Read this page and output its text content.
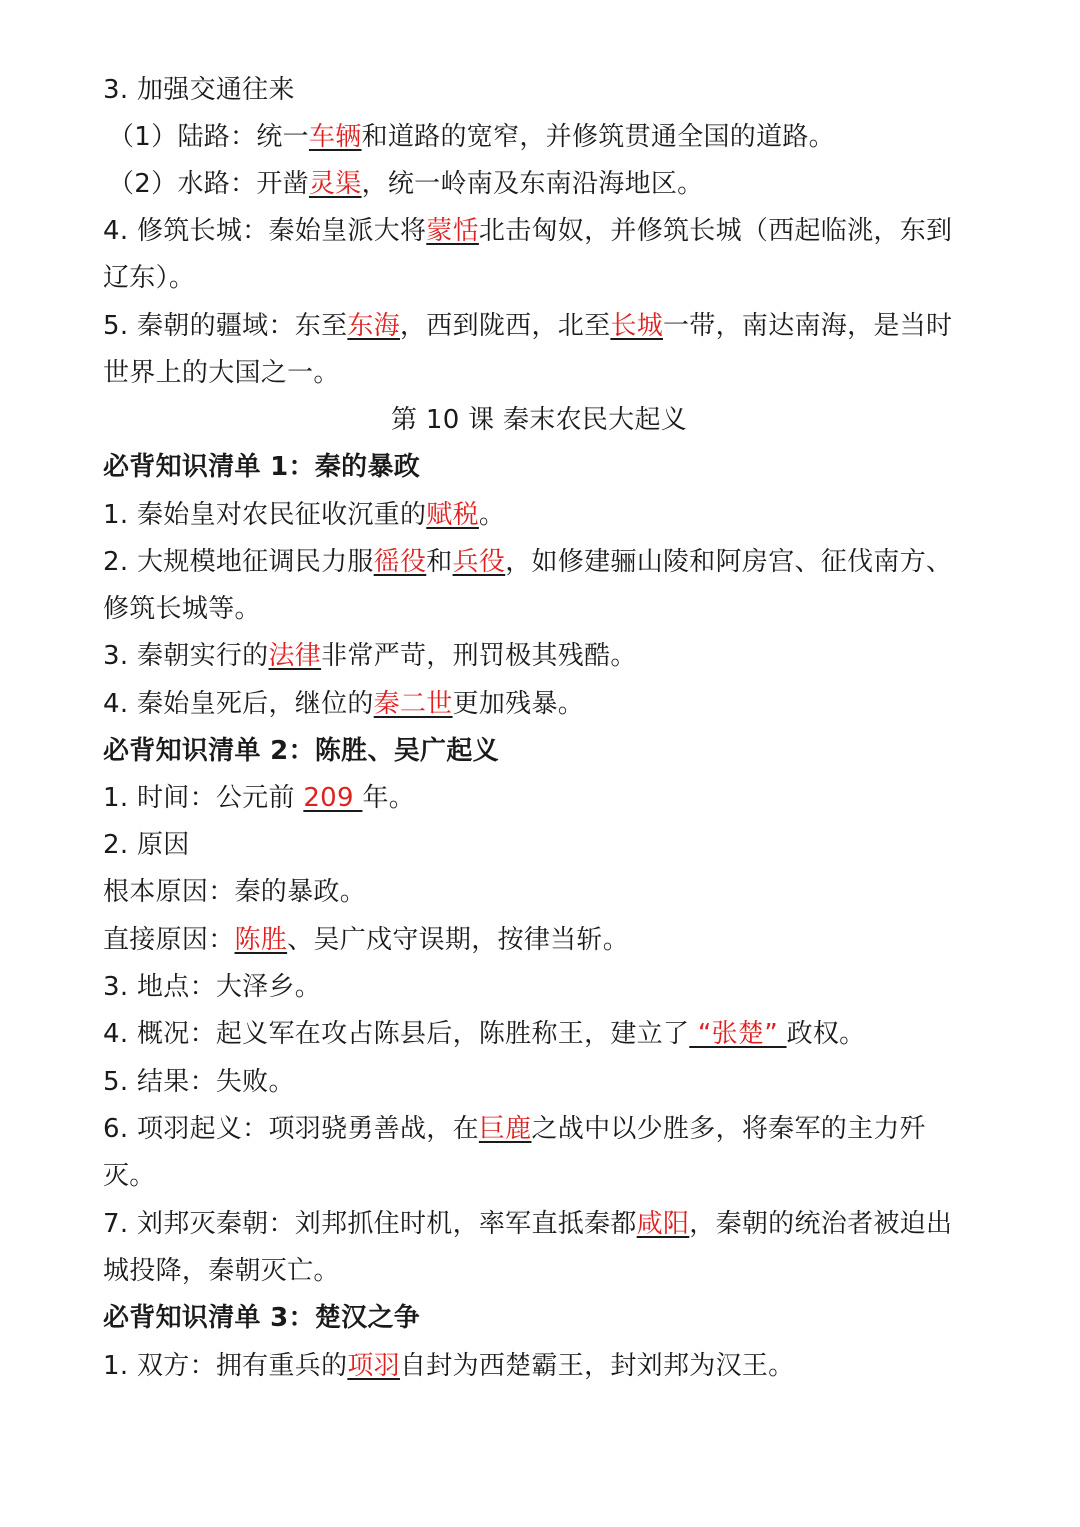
3. 加强交通往来
（1）陆路：统一车辆和道路的宽窄，并修筑贯通全国的道路。
（2）水路：开凿灵渠，统一岭南及东南沿海地区。
4. 修筑长城：秦始皇派大将蒙恬北击匈奴，并修筑长城（西起临洮，东到
辽东）。
5. 秦朝的疆域：东至东海，西到陇西，北至长城一带，南达南海，是当时
世界上的大国之一。
第 10 课 秦末农民大起义
必背知识清单 1：秦的暴政
1. 秦始皇对农民征收沉重的赋税。
2. 大规模地征调民力服徭役和兵役，如修建骊山陵和阿房宫、征伐南方、
修筑长城等。
3. 秦朝实行的法律非常严苛，刑罚极其残酷。
4. 秦始皇死后，继位的秦二世更加残暴。
必背知识清单 2：陈胜、吴广起义
1. 时间：公元前 209 年。
2. 原因
根本原因：秦的暴政。
直接原因：陈胜、吴广戍守误期，按律当斩。
3. 地点：大泽乡。
4. 概况：起义军在攻占陈县后，陈胜称王，建立了 “张楚” 政权。
5. 结果：失败。
6. 项羽起义：项羽骁勇善战，在巨鹿之战中以少胜多，将秦军的主力歼
灭。
7. 刘邦灭秦朝：刘邦抓住时机，率军直抵秦都咸阳，秦朝的统治者被迫出
城投降，秦朝灭亡。
必背知识清单 3：楚汉之争
1. 双方：拥有重兵的项羽自封为西楚霸王，封刘邦为汉王。
